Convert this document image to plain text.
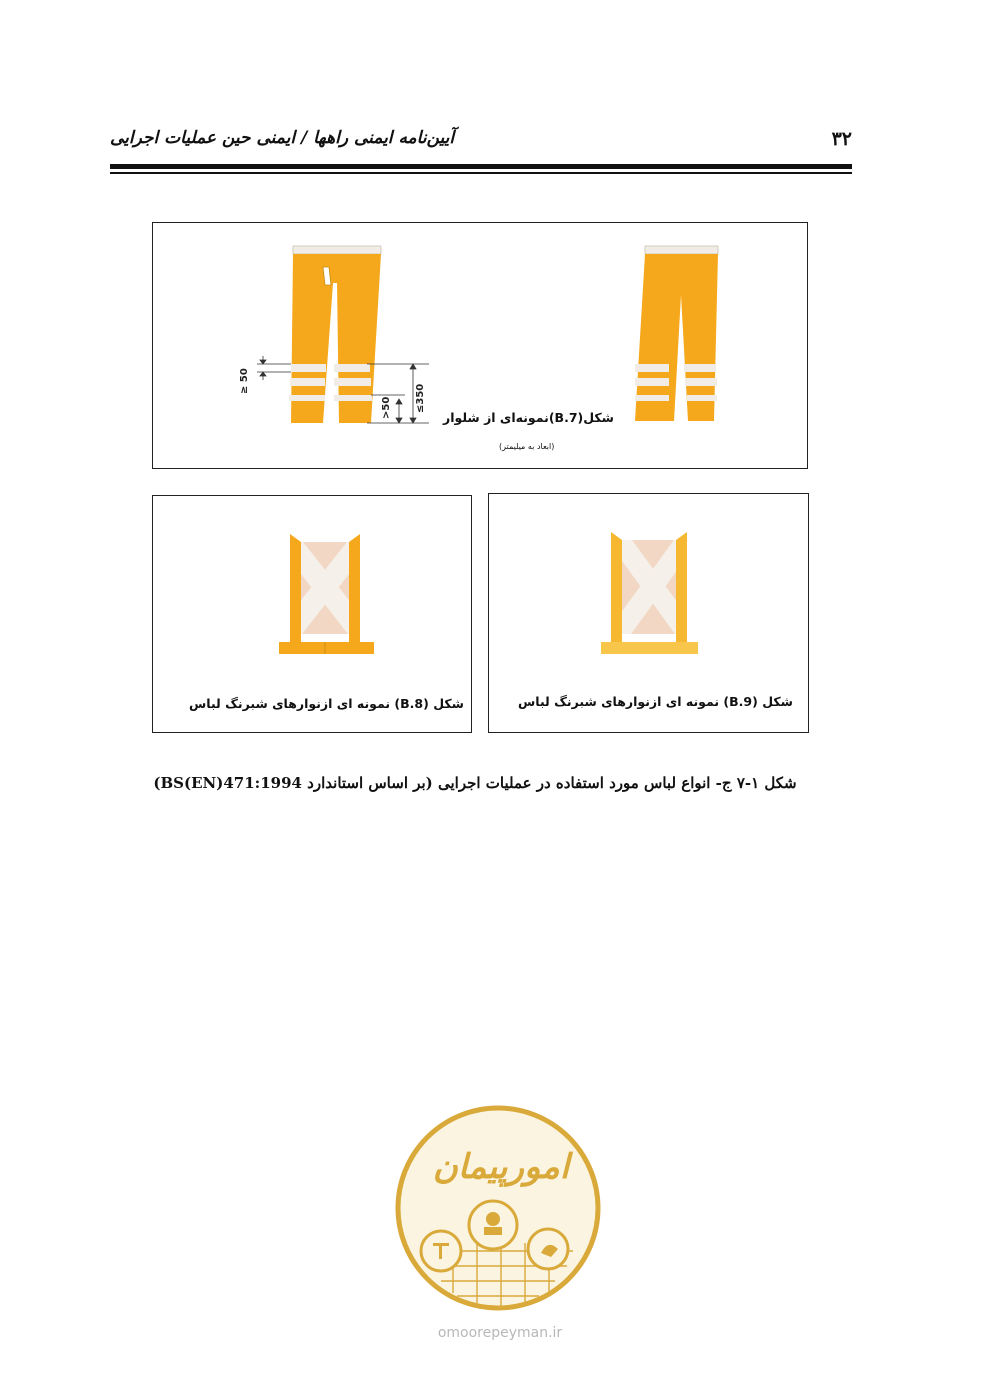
آیین‌نامه ایمنی راهها / ایمنی حین عملیات اجرایی	۳۲
≥ 50
>50 ≤350
شکل(B.7)نمونه‌ای از شلوار
(ابعاد به میلیمتر)
شکل (B.8) نمونه ای ازنوارهای شبرنگ لباس	شکل (B.9) نمونه ای ازنوارهای شبرنگ لباس
شکل ۱-۷ ج- انواع لباس مورد استفاده در عملیات اجرایی (بر اساس استاندارد BS(EN)471:1994)
امورپیمان
omoorepeyman.ir
